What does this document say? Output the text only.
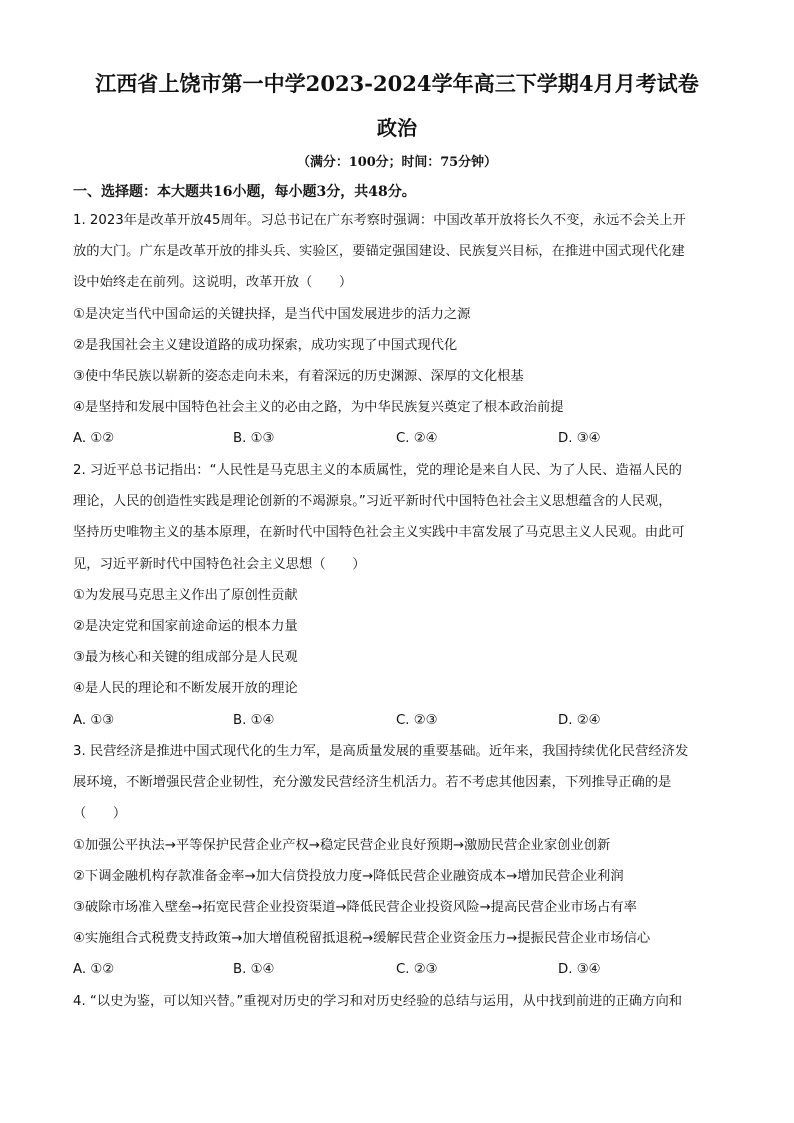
江西省上饶市第一中学2023-2024学年高三下学期4月月考试卷
政治
（满分：100分；时间：75分钟）
一、选择题：本大题共16小题，每小题3分，共48分。
1. 2023年是改革开放45周年。习总书记在广东考察时强调：中国改革开放将长久不变，永远不会关上开
放的大门。广东是改革开放的排头兵、实验区，要锚定强国建设、民族复兴目标，在推进中国式现代化建
设中始终走在前列。这说明，改革开放（　　）
①是决定当代中国命运的关键抉择，是当代中国发展进步的活力之源
②是我国社会主义建设道路的成功探索，成功实现了中国式现代化
③使中华民族以崭新的姿态走向未来，有着深远的历史渊源、深厚的文化根基
④是坚持和发展中国特色社会主义的必由之路，为中华民族复兴奠定了根本政治前提
A. ①②	B. ①③	C. ②④	D. ③④
2. 习近平总书记指出：“人民性是马克思主义的本质属性，党的理论是来自人民、为了人民、造福人民的
理论，人民的创造性实践是理论创新的不竭源泉。”习近平新时代中国特色社会主义思想蕴含的人民观，
坚持历史唯物主义的基本原理，在新时代中国特色社会主义实践中丰富发展了马克思主义人民观。由此可
见，习近平新时代中国特色社会主义思想（　　）
①为发展马克思主义作出了原创性贡献
②是决定党和国家前途命运的根本力量
③最为核心和关键的组成部分是人民观
④是人民的理论和不断发展开放的理论
A. ①③	B. ①④	C. ②③	D. ②④
3. 民营经济是推进中国式现代化的生力军，是高质量发展的重要基础。近年来，我国持续优化民营经济发
展环境，不断增强民营企业韧性，充分激发民营经济生机活力。若不考虑其他因素，下列推导正确的是
（　　）
①加强公平执法→平等保护民营企业产权→稳定民营企业良好预期→激励民营企业家创业创新
②下调金融机构存款准备金率→加大信贷投放力度→降低民营企业融资成本→增加民营企业利润
③破除市场准入壁垒→拓宽民营企业投资渠道→降低民营企业投资风险→提高民营企业市场占有率
④实施组合式税费支持政策→加大增值税留抵退税→缓解民营企业资金压力→提振民营企业市场信心
A. ①②	B. ①④	C. ②③	D. ③④
4. “以史为鉴，可以知兴替。”重视对历史的学习和对历史经验的总结与运用，从中找到前进的正确方向和
